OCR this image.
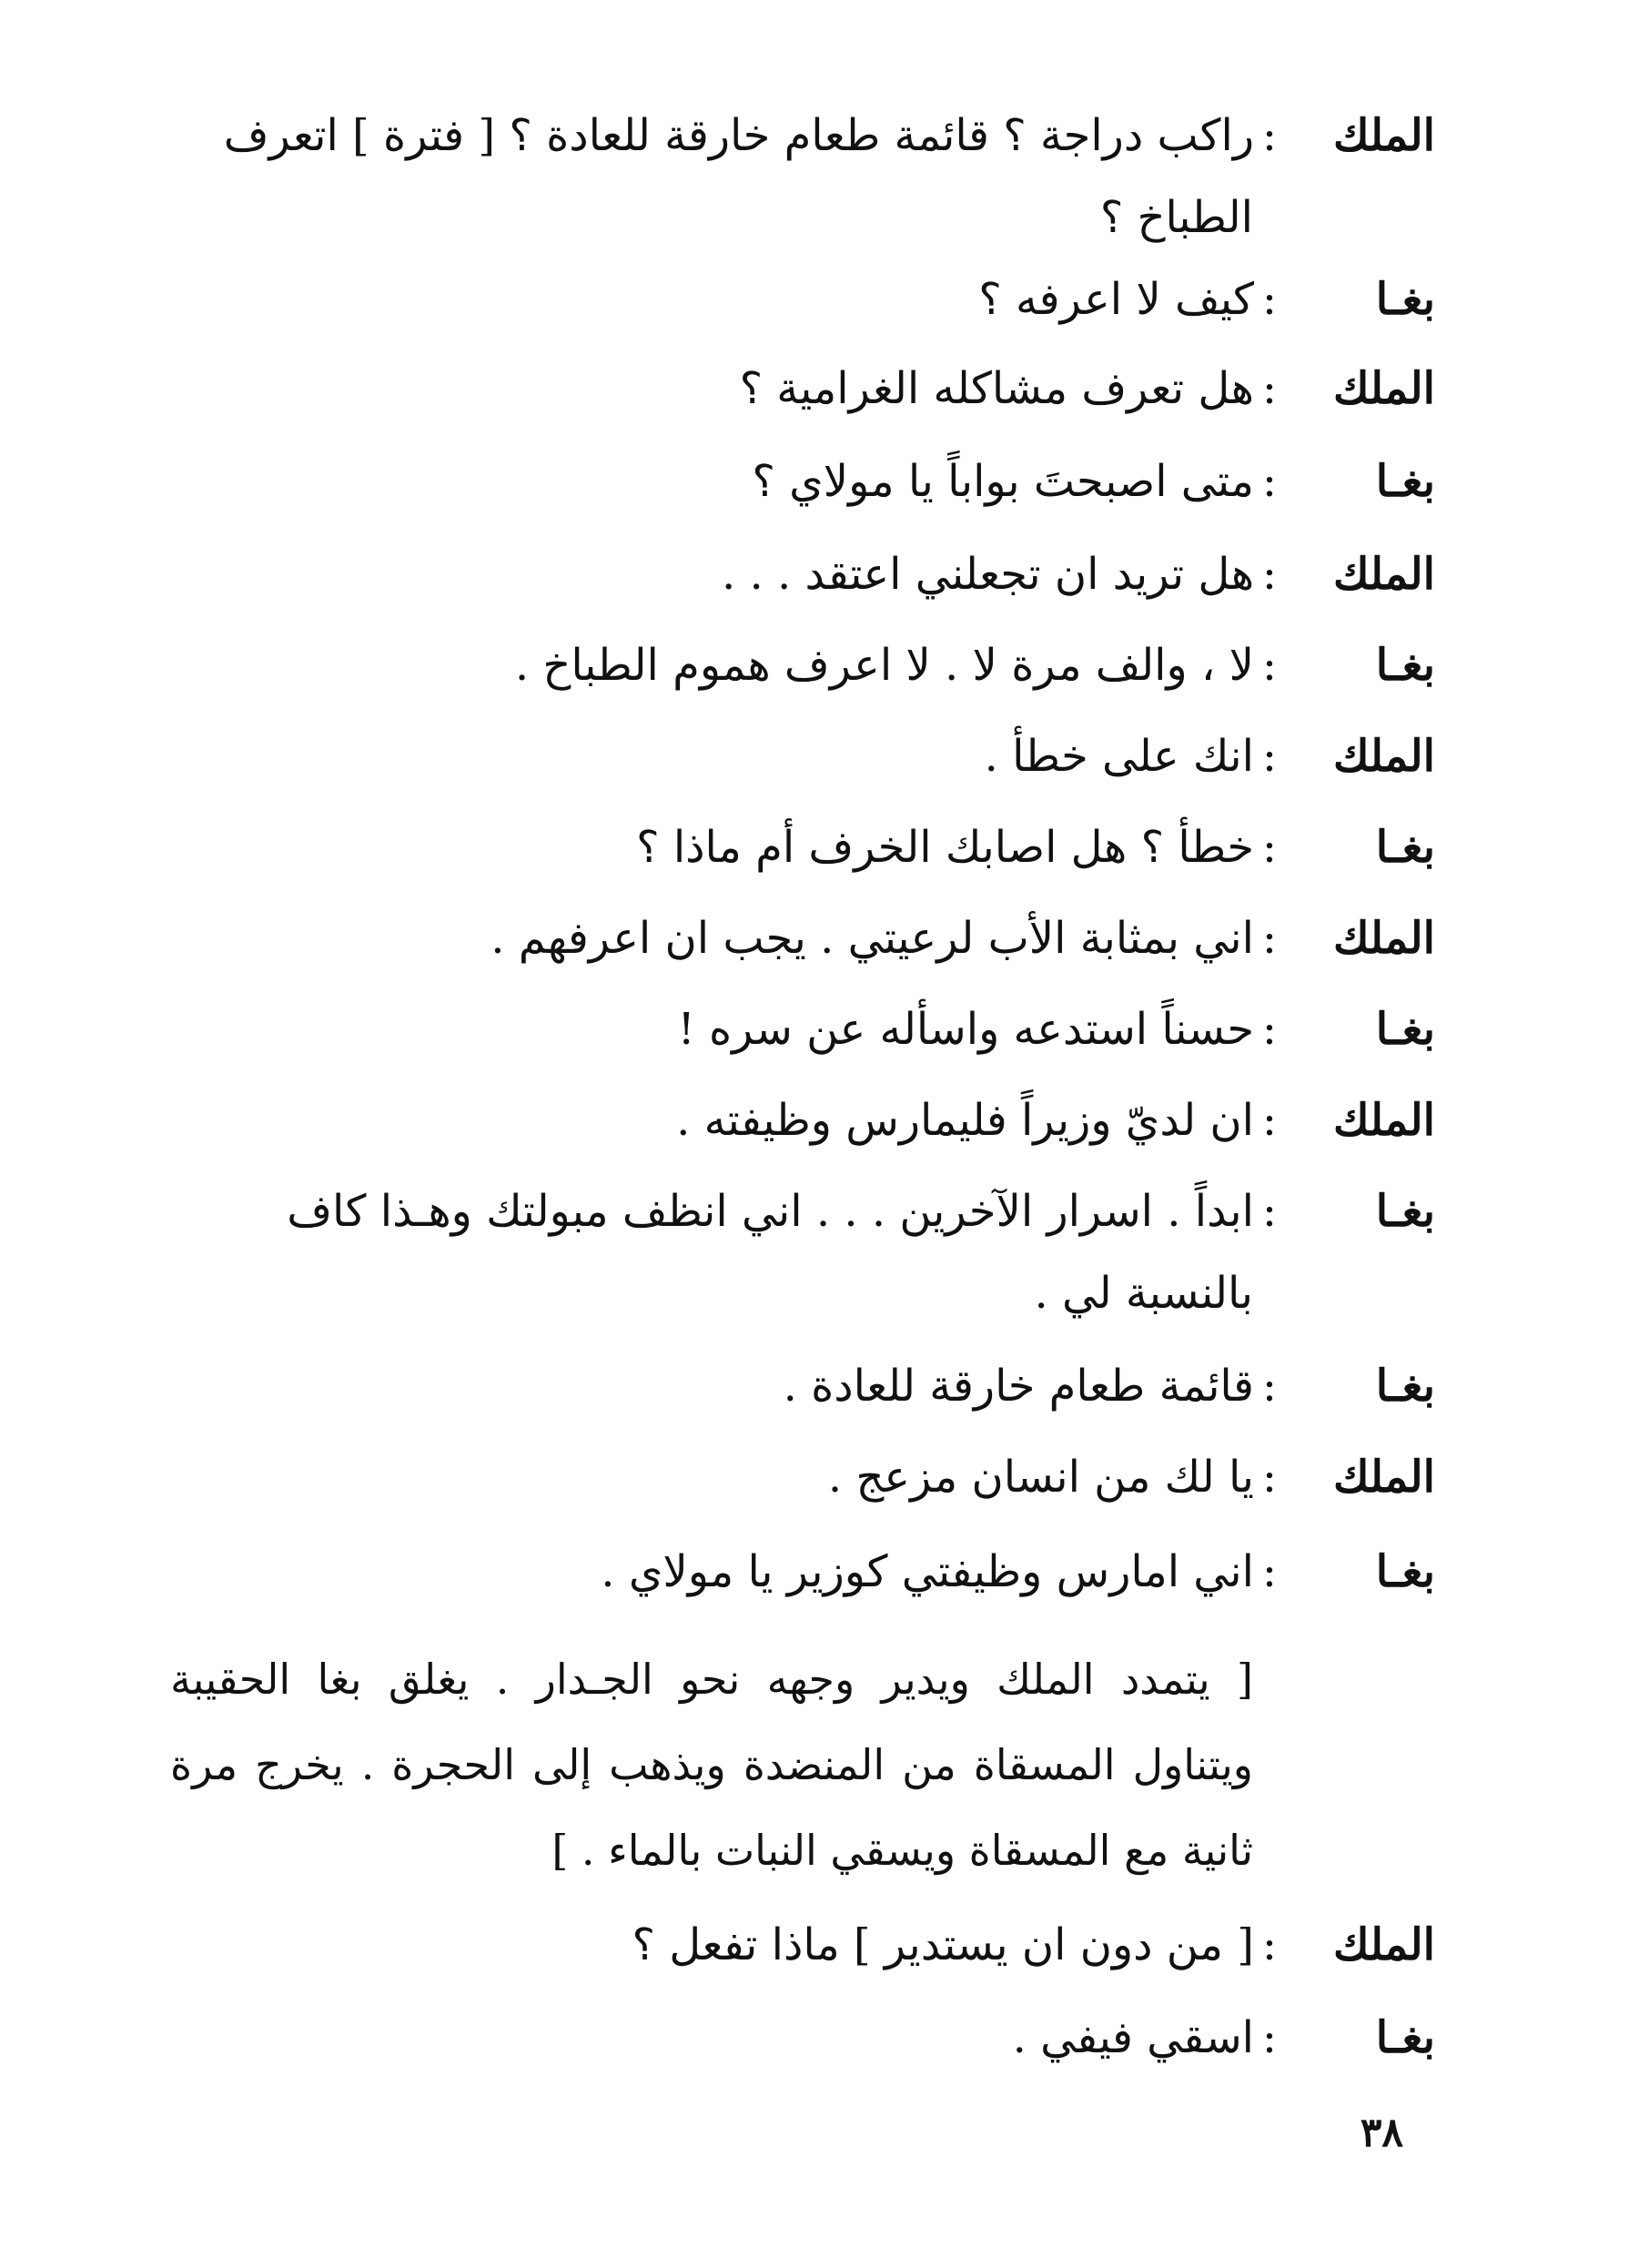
الملك:راكب دراجة ؟ قائمة طعام خارقة للعادة ؟ [ فترة ] اتعرف
الطباخ ؟
بغـا:كيف لا اعرفه ؟
الملك:هل تعرف مشاكله الغرامية ؟
بغـا:متى اصبحتَ بواباً يا مولاي ؟
الملك:هل تريد ان تجعلني اعتقد . . .
بغـا:لا ، والف مرة لا . لا اعرف هموم الطباخ .
الملك:انك على خطأ .
بغـا:خطأ ؟ هل اصابك الخرف أم ماذا ؟
الملك:اني بمثابة الأب لرعيتي . يجب ان اعرفهم .
بغـا:حسناً استدعه واسأله عن سره !
الملك:ان لديّ وزيراً فليمارس وظيفته .
بغـا:ابداً . اسرار الآخرين . . . اني انظف مبولتك وهـذا كاف
بالنسبة لي .
بغـا:قائمة طعام خارقة للعادة .
الملك:يا لك من انسان مزعج .
بغـا:اني امارس وظيفتي كوزير يا مولاي .
[ يتمدد الملك ويدير وجهه نحو الجـدار . يغلق بغا الحقيبة ويتناول المسقاة من المنضدة ويذهب إلى الحجرة . يخرج مرة ثانية مع المسقاة ويسقي النبات بالماء . ]
الملك:[ من دون ان يستدير ] ماذا تفعل ؟
بغـا:اسقي فيفي .
٣٨
